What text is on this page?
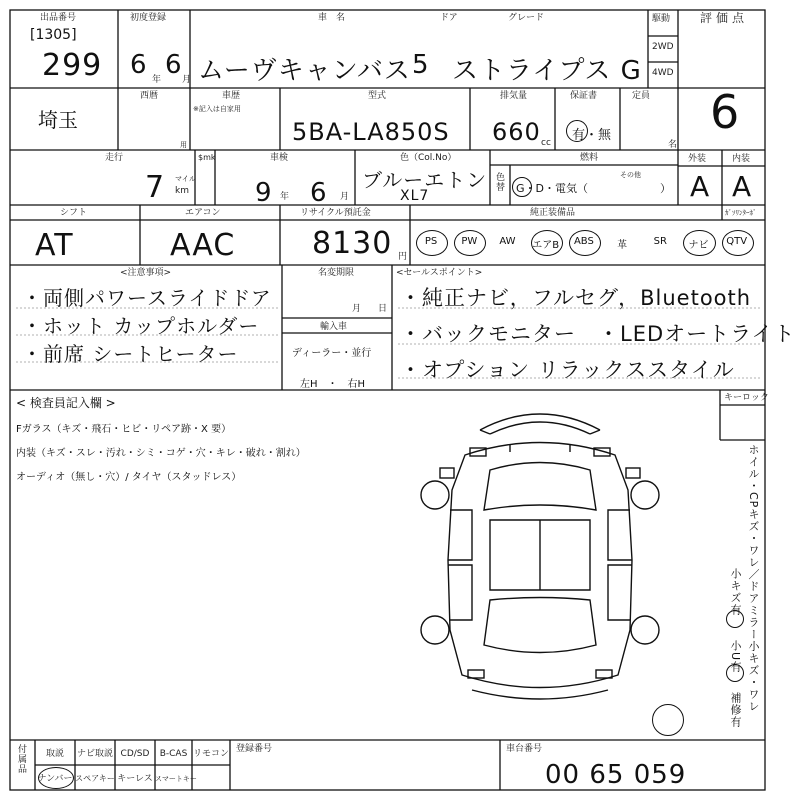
出品番号
[1305]
299
初度登録
6 年 6 月
車　名	ドア	グレード
ムーヴキャンバス 5 ストライプス G
駆動
2WD
4WD
評価点
6
埼玉
西暦	車歴
※記入は自家用
用
型式
5BA-LA850S
排気量
660 cc
保証書
有・無
定員
名
走行
7 マイル
km
$mk	車検
9 年 6 月
色（Col.No）
ブルーエトン
XL7
色替
燃料
G・D・電気（
その他
）
外装
A
内装
A
シフト
AT
エアコン
AAC
リサイクル預託金
8130 円
純正装備品	ｶﾞｿﾘﾝﾀｰﾎﾞ
PS	PW	AW	エアB	ABS	革	SR	ナビ	QTV
<注意事項>
・両側パワースライドドア
・ホット カップホルダー
・前席 シートヒーター
名変期限
月 日
輸入車
ディーラー・並行
左H　・　右H
<セールスポイント>
・純正ナビ，フルセグ，Bluetooth
・バックモニター　・LEDオートライト
・オプション リラックススタイル
< 検査員記入欄 >
Fガラス（キズ・飛石・ヒビ・リペア跡・X 要）
内装（キズ・スレ・汚れ・シミ・コゲ・穴・キレ・破れ・割れ）
オーディオ（無し・穴）/ タイヤ（スタッドレス）
キーロック
ホイル・CPキズ・ワレ／ドアミラー小キズ・ワレ
小キズ有
小U有
補修有
付属品	取説	ナビ取説 CD/SD	B-CAS リモコン
ナンバー スペアキー キーレス スマートキー
登録番号	車台番号
00 65 059
